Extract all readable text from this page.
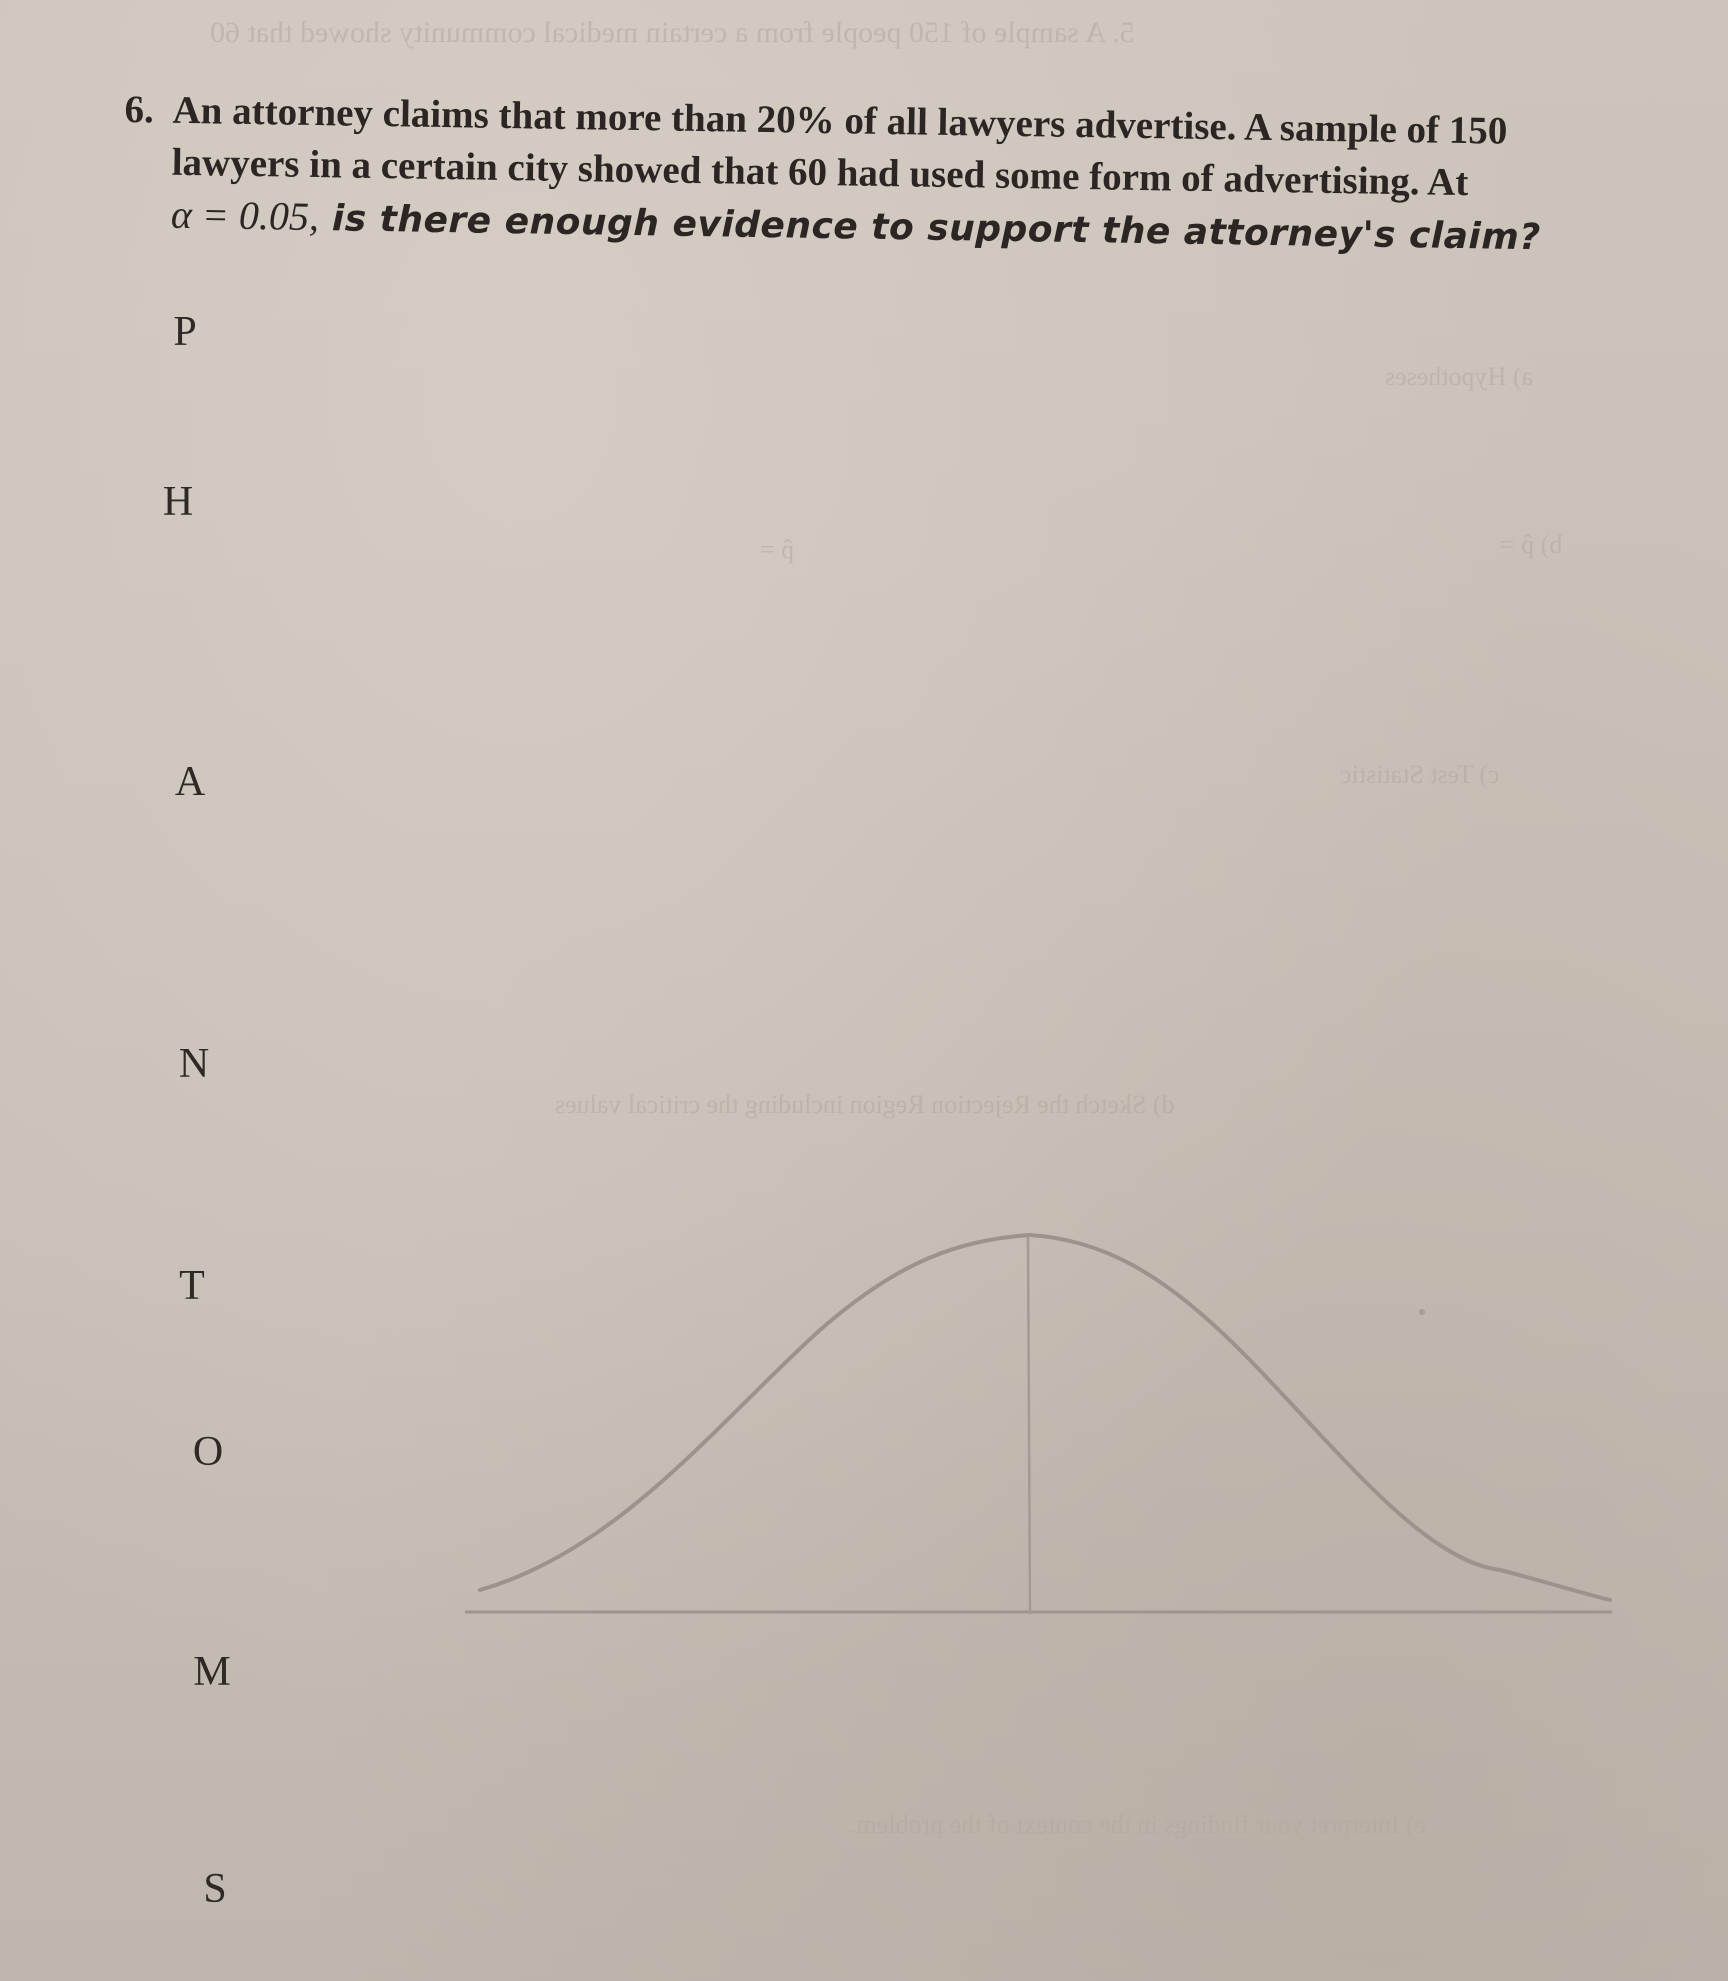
5. A sample of 150 people from a certain medical community showed that 60
a) Hypotheses
p̂ =	b) p̂ =
c) Test Statistic
d) Sketch the Rejection Region including the critical values
e) Interpret your findings in the context of the problem.
6. An attorney claims that more than 20% of all lawyers advertise. A sample of 150
lawyers in a certain city showed that 60 had used some form of advertising. At
α = 0.05, is there enough evidence to support the attorney's claim?
P
H
A
N
T
O
M
S
